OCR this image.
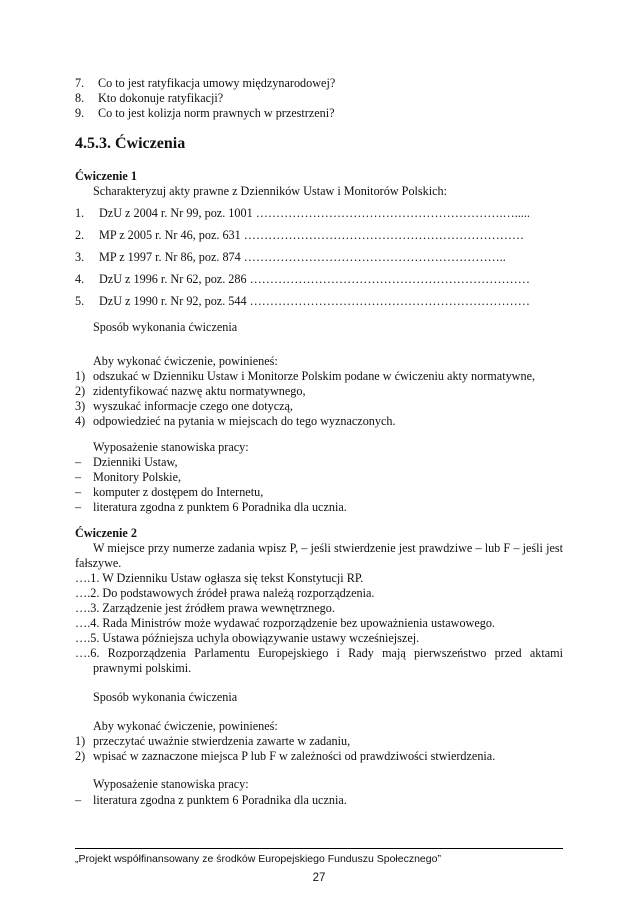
7. Co to jest ratyfikacja umowy międzynarodowej?
8. Kto dokonuje ratyfikacji?
9. Co to jest kolizja norm prawnych w przestrzeni?
4.5.3. Ćwiczenia
Ćwiczenie 1
Scharakteryzuj akty prawne z Dzienników Ustaw i Monitorów Polskich:
1. DzU z 2004 r. Nr 99, poz. 1001 …………………………………………………….….....
2. MP z 2005 r. Nr 46, poz. 631 ……………………………………………………………
3. MP z 1997 r. Nr 86, poz. 874 ………………………………………………………..
4. DzU z 1996 r. Nr 62, poz. 286 ……………………………………………………………
5. DzU z 1990 r. Nr 92, poz. 544 ……………………………………………………………
Sposób wykonania ćwiczenia
Aby wykonać ćwiczenie, powinieneś:
1) odszukać w Dzienniku Ustaw i Monitorze Polskim podane w ćwiczeniu akty normatywne,
2) zidentyfikować nazwę aktu normatywnego,
3) wyszukać informacje czego one dotyczą,
4) odpowiedzieć na pytania w miejscach do tego wyznaczonych.
Wyposażenie stanowiska pracy:
– Dzienniki Ustaw,
– Monitory Polskie,
– komputer z dostępem do Internetu,
– literatura zgodna z punktem 6 Poradnika dla ucznia.
Ćwiczenie 2
W miejsce przy numerze zadania wpisz P, – jeśli stwierdzenie jest prawdziwe – lub F – jeśli jest fałszywe.
….1. W Dzienniku Ustaw ogłasza się tekst Konstytucji RP.
….2. Do podstawowych źródeł prawa należą rozporządzenia.
….3. Zarządzenie jest źródłem prawa wewnętrznego.
….4. Rada Ministrów może wydawać rozporządzenie bez upoważnienia ustawowego.
….5. Ustawa późniejsza uchyla obowiązywanie ustawy wcześniejszej.
….6. Rozporządzenia Parlamentu Europejskiego i Rady mają pierwszeństwo przed aktami prawnymi polskimi.
Sposób wykonania ćwiczenia
Aby wykonać ćwiczenie, powinieneś:
1) przeczytać uważnie stwierdzenia zawarte w zadaniu,
2) wpisać w zaznaczone miejsca P lub F w zależności od prawdziwości stwierdzenia.
Wyposażenie stanowiska pracy:
– literatura zgodna z punktem 6 Poradnika dla ucznia.
„Projekt współfinansowany ze środków Europejskiego Funduszu Społecznego”
27
